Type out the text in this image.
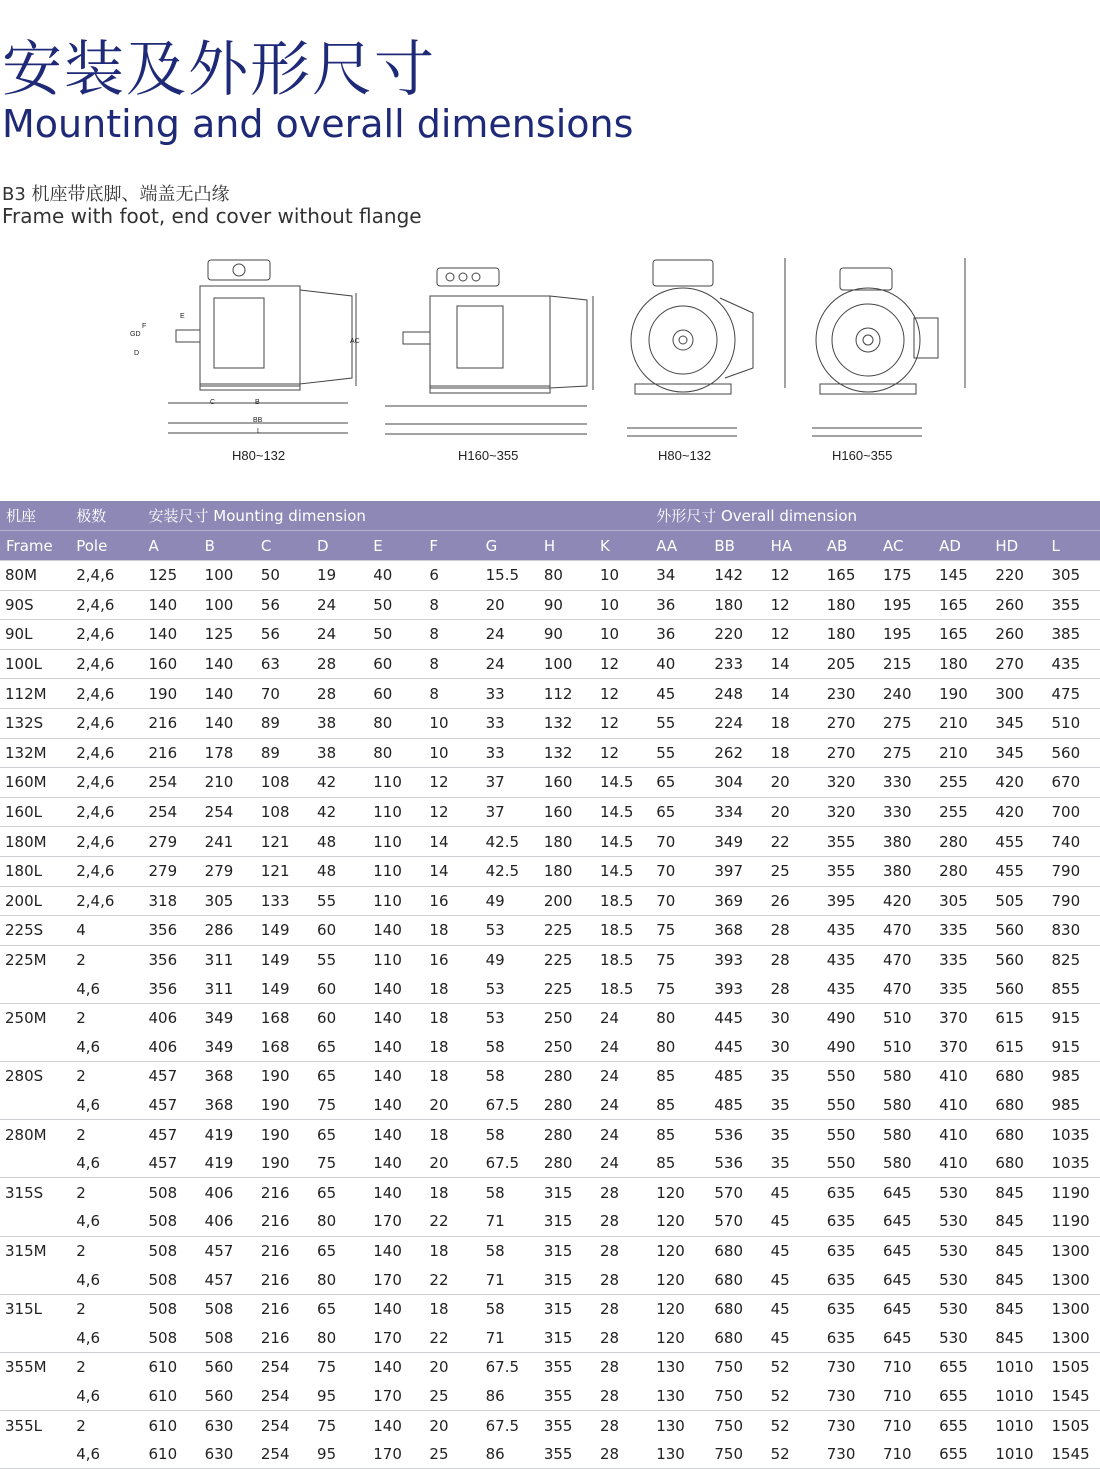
安装及外形尺寸
Mounting and overall dimensions
B3 机座带底脚、端盖无凸缘
Frame with foot, end cover without flange
F
GD
D
E
AC
C	B
BB
L
H80~132	H160~355	H80~132	H160~355
机座	极数	安装尺寸 Mounting dimension									外形尺寸 Overall dimension							
Frame	Pole	A	B	C	D	E	F	G	H	K	AA	BB	HA	AB	AC	AD	HD	L
80M	2,4,6	125	100	50	19	40	6	15.5	80	10	34	142	12	165	175	145	220	305
90S	2,4,6	140	100	56	24	50	8	20	90	10	36	180	12	180	195	165	260	355
90L	2,4,6	140	125	56	24	50	8	24	90	10	36	220	12	180	195	165	260	385
100L	2,4,6	160	140	63	28	60	8	24	100	12	40	233	14	205	215	180	270	435
112M	2,4,6	190	140	70	28	60	8	33	112	12	45	248	14	230	240	190	300	475
132S	2,4,6	216	140	89	38	80	10	33	132	12	55	224	18	270	275	210	345	510
132M	2,4,6	216	178	89	38	80	10	33	132	12	55	262	18	270	275	210	345	560
160M	2,4,6	254	210	108	42	110	12	37	160	14.5	65	304	20	320	330	255	420	670
160L	2,4,6	254	254	108	42	110	12	37	160	14.5	65	334	20	320	330	255	420	700
180M	2,4,6	279	241	121	48	110	14	42.5	180	14.5	70	349	22	355	380	280	455	740
180L	2,4,6	279	279	121	48	110	14	42.5	180	14.5	70	397	25	355	380	280	455	790
200L	2,4,6	318	305	133	55	110	16	49	200	18.5	70	369	26	395	420	305	505	790
225S	4	356	286	149	60	140	18	53	225	18.5	75	368	28	435	470	335	560	830
225M	2	356	311	149	55	110	16	49	225	18.5	75	393	28	435	470	335	560	825
	4,6	356	311	149	60	140	18	53	225	18.5	75	393	28	435	470	335	560	855
250M	2	406	349	168	60	140	18	53	250	24	80	445	30	490	510	370	615	915
	4,6	406	349	168	65	140	18	58	250	24	80	445	30	490	510	370	615	915
280S	2	457	368	190	65	140	18	58	280	24	85	485	35	550	580	410	680	985
	4,6	457	368	190	75	140	20	67.5	280	24	85	485	35	550	580	410	680	985
280M	2	457	419	190	65	140	18	58	280	24	85	536	35	550	580	410	680	1035
	4,6	457	419	190	75	140	20	67.5	280	24	85	536	35	550	580	410	680	1035
315S	2	508	406	216	65	140	18	58	315	28	120	570	45	635	645	530	845	1190
	4,6	508	406	216	80	170	22	71	315	28	120	570	45	635	645	530	845	1190
315M	2	508	457	216	65	140	18	58	315	28	120	680	45	635	645	530	845	1300
	4,6	508	457	216	80	170	22	71	315	28	120	680	45	635	645	530	845	1300
315L	2	508	508	216	65	140	18	58	315	28	120	680	45	635	645	530	845	1300
	4,6	508	508	216	80	170	22	71	315	28	120	680	45	635	645	530	845	1300
355M	2	610	560	254	75	140	20	67.5	355	28	130	750	52	730	710	655	1010	1505
	4,6	610	560	254	95	170	25	86	355	28	130	750	52	730	710	655	1010	1545
355L	2	610	630	254	75	140	20	67.5	355	28	130	750	52	730	710	655	1010	1505
	4,6	610	630	254	95	170	25	86	355	28	130	750	52	730	710	655	1010	1545
